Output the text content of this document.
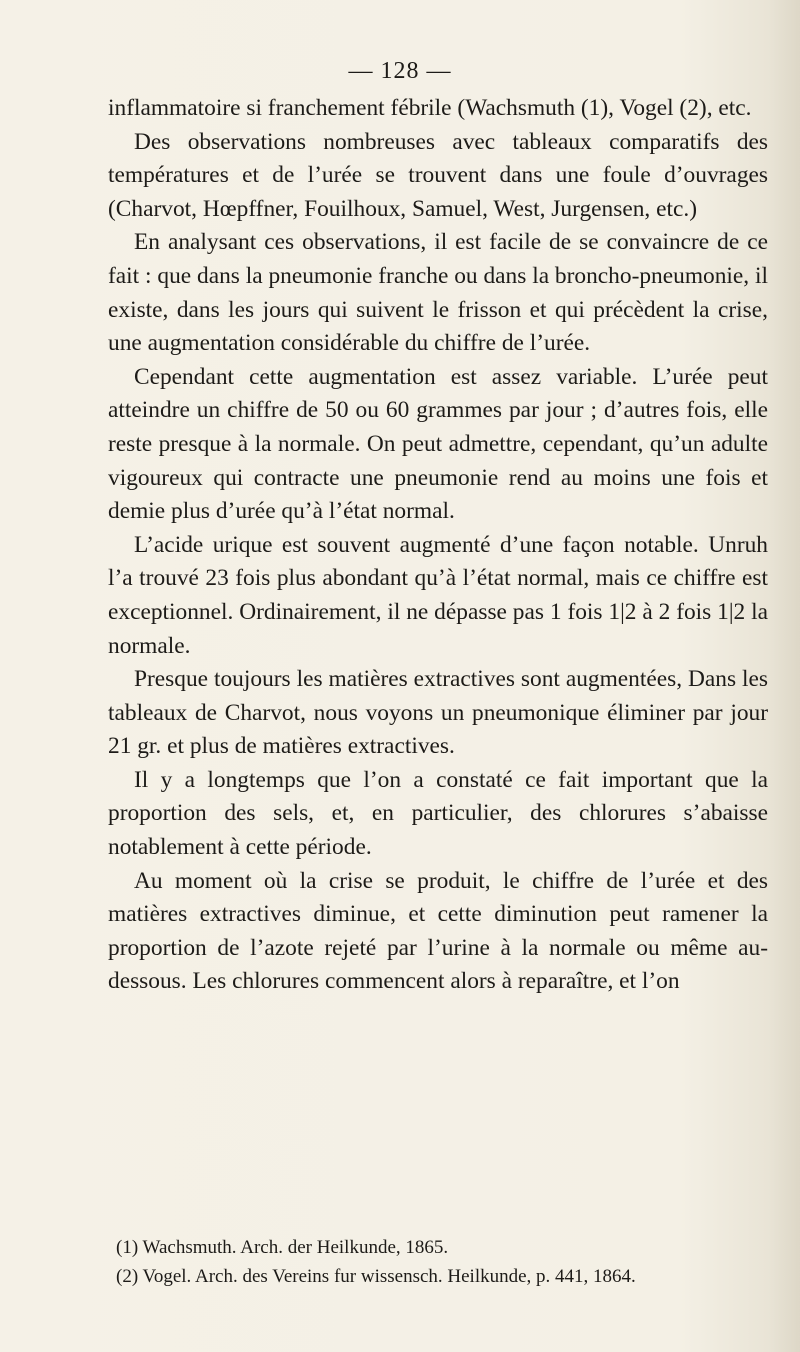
— 128 —

inflammatoire si franchement fébrile (Wachsmuth (1), Vogel (2), etc.

Des observations nombreuses avec tableaux comparatifs des températures et de l’urée se trouvent dans une foule d’ouvrages (Charvot, Hœpffner, Fouilhoux, Samuel, West, Jurgensen, etc.)

En analysant ces observations, il est facile de se convaincre de ce fait : que dans la pneumonie franche ou dans la broncho-pneumonie, il existe, dans les jours qui suivent le frisson et qui précèdent la crise, une augmentation considérable du chiffre de l’urée.

Cependant cette augmentation est assez variable. L’urée peut atteindre un chiffre de 50 ou 60 grammes par jour ; d’autres fois, elle reste presque à la normale. On peut admettre, cependant, qu’un adulte vigoureux qui contracte une pneumonie rend au moins une fois et demie plus d’urée qu’à l’état normal.

L’acide urique est souvent augmenté d’une façon notable. Unruh l’a trouvé 23 fois plus abondant qu’à l’état normal, mais ce chiffre est exceptionnel. Ordinairement, il ne dépasse pas 1 fois 1|2 à 2 fois 1|2 la normale.

Presque toujours les matières extractives sont augmentées, Dans les tableaux de Charvot, nous voyons un pneumonique éliminer par jour 21 gr. et plus de matières extractives.

Il y a longtemps que l’on a constaté ce fait important que la proportion des sels, et, en particulier, des chlorures s’abaisse notablement à cette période.

Au moment où la crise se produit, le chiffre de l’urée et des matières extractives diminue, et cette diminution peut ramener la proportion de l’azote rejeté par l’urine à la normale ou même au-dessous. Les chlorures commencent alors à reparaître, et l’on

(1) Wachsmuth. Arch. der Heilkunde, 1865.

(2) Vogel. Arch. des Vereins fur wissensch. Heilkunde, p. 441, 1864.
